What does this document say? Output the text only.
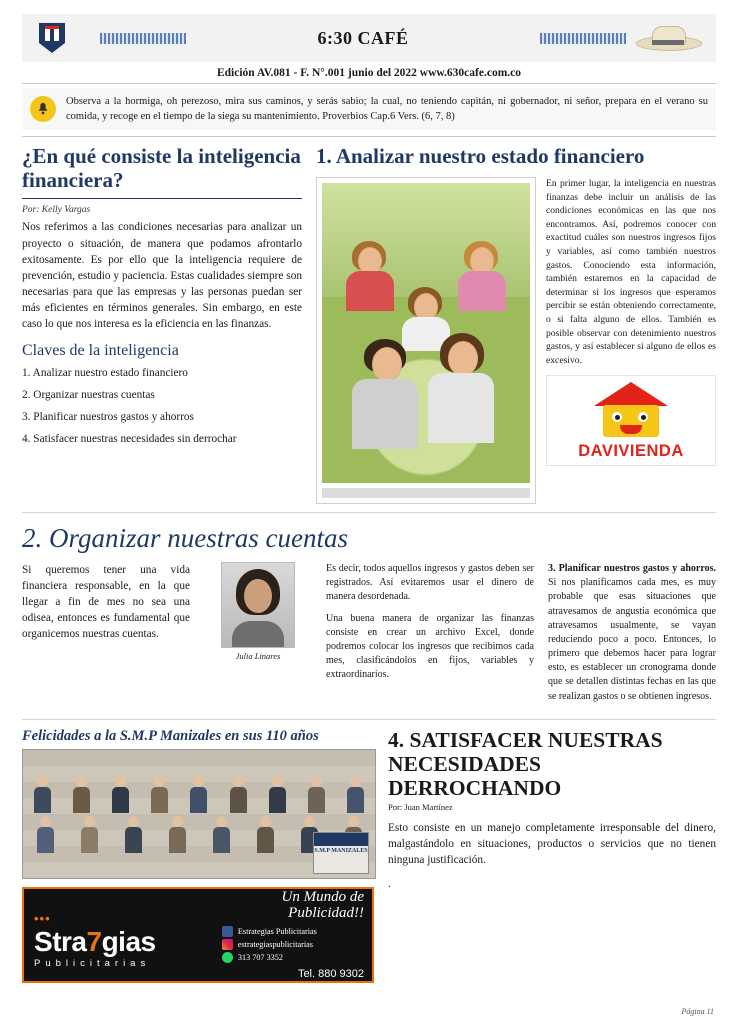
6:30 CAFÉ
Edición AV.081 - F. N°.001 junio del 2022 www.630cafe.com.co
Observa a la hormiga, oh perezoso, mira sus caminos, y serás sabio; la cual, no teniendo capitán, ni gobernador, ni señor, prepara en el verano su comida, y recoge en el tiempo de la siega su mantenimiento. Proverbios Cap.6 Vers. (6, 7, 8)
¿En qué consiste la inteligencia financiera?

Por: Kelly Vargas

Nos referimos a las condiciones necesarias para analizar un proyecto o situación, de manera que podamos afrontarlo exitosamente. Es por ello que la inteligencia requiere de prevención, estudio y paciencia. Estas cualidades siempre son necesarias para que las empresas y las personas puedan ser más eficientes en términos generales. Sin embargo, en este caso lo que nos interesa es la eficiencia en las finanzas.

Claves de la inteligencia
1. Analizar nuestro estado financiero
2. Organizar nuestras cuentas
3. Planificar nuestros gastos y ahorros
4. Satisfacer nuestras necesidades sin derrochar
1. Analizar nuestro estado financiero

En primer lugar, la inteligencia en nuestras finanzas debe incluir un análisis de las condiciones económicas en las que nos encontramos. Así, podremos conocer con exactitud cuáles son nuestros ingresos fijos y variables, así como también nuestros gastos. Conociendo esta información, también estaremos en la capacidad de determinar si los ingresos que esperamos percibir se están obteniendo correctamente, o si falta alguno de ellos. También es posible observar con detenimiento nuestros gastos, y así establecer si alguno de ellos es excesivo.

DAVIVIENDA
2. Organizar nuestras cuentas

Si queremos tener una vida financiera responsable, en la que llegar a fin de mes no sea una odisea, entonces es fundamental que organicemos nuestras cuentas.

Julia Linares

Es decir, todos aquellos ingresos y gastos deben ser registrados. Así evitaremos usar el dinero de manera desordenada.

Una buena manera de organizar las finanzas consiste en crear un archivo Excel, donde podremos colocar los ingresos que recibimos cada mes, clasificándolos en fijos, variables y extraordinarios.

3. Planificar nuestros gastos y ahorros. Si nos planificamos cada mes, es muy probable que esas situaciones que atravesamos de angustia económica que atravesamos usualmente, se vayan reduciendo poco a poco. Entonces, lo primero que debemos hacer para lograr esto, es establecer un cronograma donde que se detallen distintas fechas en las que se realizan gastos o se obtienen ingresos.

Felicidades a la S.M.P Manizales en sus 110 años
S.M.P MANIZALES
•••
Stra7gias
Publicitarias
Un Mundo de Publicidad!!
Estrategias Publicitarias
estrategiaspublicitarias
313 707 3352
Tel. 880 9302
4. SATISFACER NUESTRAS NECESIDADES DERROCHANDO

Por: Juan Martínez

Esto consiste en un manejo completamente irresponsable del dinero, malgastándolo en situaciones, productos o servicios que no tienen ninguna justificación.

.

Página 11
